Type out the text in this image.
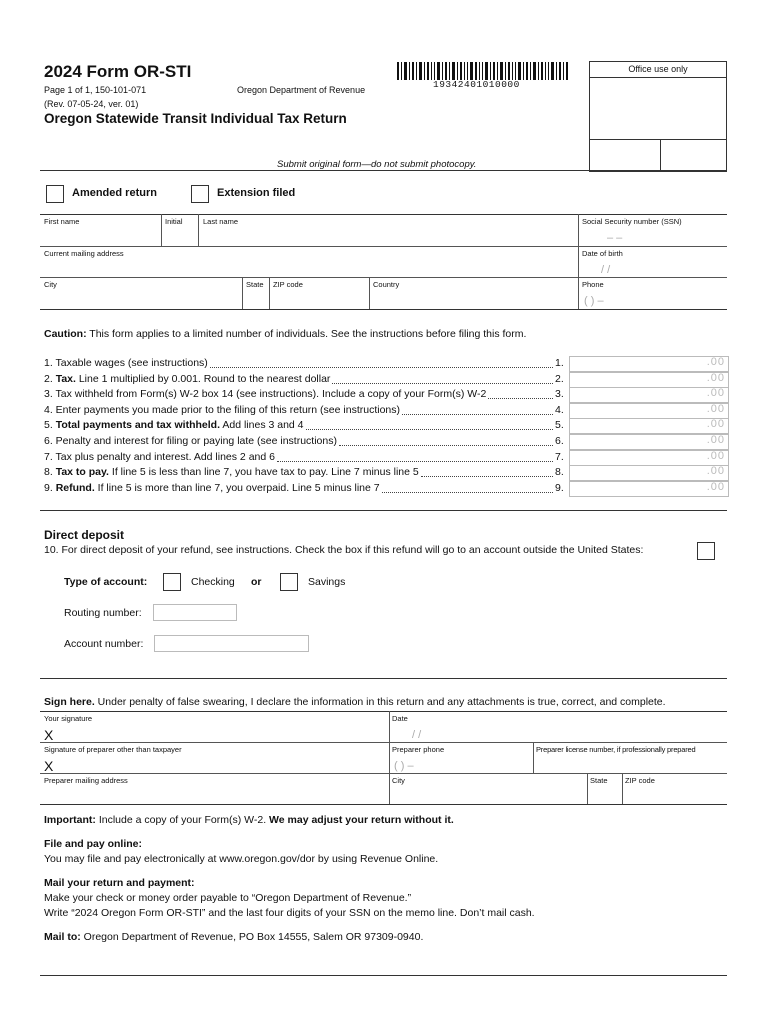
2024 Form OR-STI
Page 1 of 1, 150-101-071	Oregon Department of Revenue
(Rev. 07-05-24, ver. 01)
Oregon Statewide Transit Individual Tax Return
19342401010000
Office use only
Submit original form—do not submit photocopy.
Amended return	Extension filed
First name	Initial	Last name	Social Security number (SSN)
– –
Current mailing address	Date of birth
/ /
City	State ZIP code	Country	Phone
( ) –
Caution: This form applies to a limited number of individuals. See the instructions before filing this form.
1. Taxable wages (see instructions)	1.	.00
2. Tax. Line 1 multiplied by 0.001. Round to the nearest dollar	2.	.00
3. Tax withheld from Form(s) W-2 box 14 (see instructions). Include a copy of your Form(s) W-2	3.	.00
4. Enter payments you made prior to the filing of this return (see instructions)	4.	.00
5. Total payments and tax withheld. Add lines 3 and 4	5.	.00
6. Penalty and interest for filing or paying late (see instructions)	6.	.00
7. Tax plus penalty and interest. Add lines 2 and 6	7.	.00
8. Tax to pay. If line 5 is less than line 7, you have tax to pay. Line 7 minus line 5	8.	.00
9. Refund. If line 5 is more than line 7, you overpaid. Line 5 minus line 7	9.	.00
Direct deposit
10. For direct deposit of your refund, see instructions. Check the box if this refund will go to an account outside the United States:
Type of account:	Checking or	Savings
Routing number:
Account number:
Sign here. Under penalty of false swearing, I declare the information in this return and any attachments is true, correct, and complete.
Your signature
X
Date
/ /
Signature of preparer other than taxpayer
X
Preparer phone
( ) –
Preparer license number, if professionally prepared
Preparer mailing address	City	State ZIP code
Important: Include a copy of your Form(s) W-2. We may adjust your return without it.
File and pay online:
You may file and pay electronically at www.oregon.gov/dor by using Revenue Online.
Mail your return and payment:
Make your check or money order payable to “Oregon Department of Revenue.”
Write “2024 Oregon Form OR-STI” and the last four digits of your SSN on the memo line. Don’t mail cash.
Mail to: Oregon Department of Revenue, PO Box 14555, Salem OR 97309-0940.
